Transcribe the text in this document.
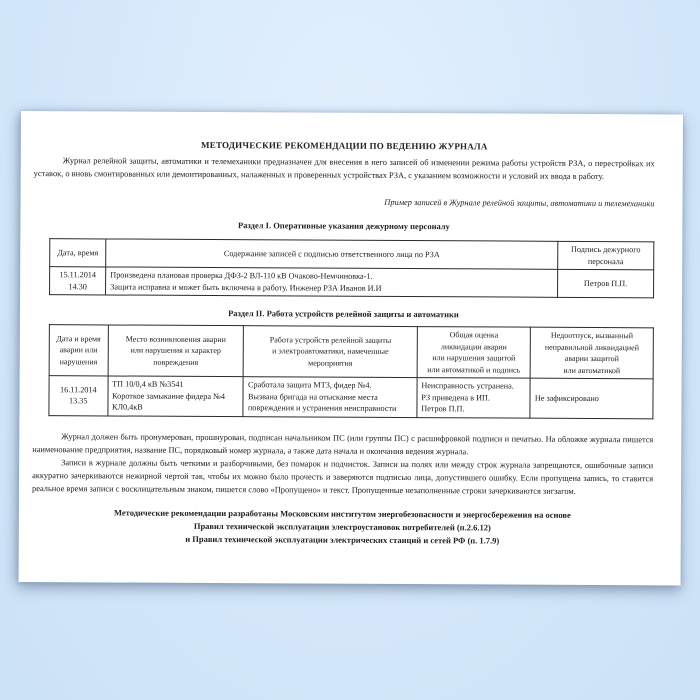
МЕТОДИЧЕСКИЕ РЕКОМЕНДАЦИИ ПО ВЕДЕНИЮ ЖУРНАЛА

Журнал релейной защиты, автоматики и телемеханики предназначен для внесения в него записей об изменении режима работы устройств РЗА, о перестройках их уставок, о вновь смонтированных или демонтированных, налаженных и проверенных устройствах РЗА, с указанием возможности и условий их ввода в работу.

Пример записей в Журнале релейной защиты, автоматики и телемеханики

Раздел I. Оперативные указания дежурному персоналу
Дата, время	Содержание записей с подписью ответственного лица по РЗА	Подпись дежурного
персонала
15.11.2014
14.30	Произведена плановая проверка ДФЗ-2 ВЛ-110 кВ Очаково-Немчиновка-1.
Защита исправна и может быть включена в работу. Инженер РЗА Иванов И.И	Петров П.П.
Раздел II. Работа устройств релейной защиты и автоматики
Дата и время
аварии или
нарушения	Место возникновения аварии
или нарушения и характер
повреждения	Работа устройств релейной защиты
и электроавтоматики, намеченные
мероприятия	Общая оценка
ликвидации аварии
или нарушения защитой
или автоматикой и подпись	Недоотпуск, вызванный
неправильной ликвидацией
аварии защитой
или автоматикой
16.11.2014
13.35	ТП 10/0,4 кВ №3541
Короткое замыкание фидера №4
КЛ0,4кВ	Сработала защита МТЗ, фидер №4.
Вызвана бригада на отыскание места
повреждения и устранения неисправности	Неисправность устранена.
РЗ приведена в ИП.
Петров П.П.	Не зафиксировано

Журнал должен быть пронумерован, прошнурован, подписан начальником ПС (или группы ПС) с расшифровкой подписи и печатью. На обложке журнала пишется наименование предприятия, название ПС, порядковый номер журнала, а также дата начала и окончания ведения журнала.

Записи в журнале должны быть четкими и разборчивыми, без помарок и подчисток. Записи на полях или между строк журнала запрещаются, ошибочные записи аккуратно зачеркиваются нежирной чертой так, чтобы их можно было прочесть и заверяются подписью лица, допустившего ошибку. Если пропущена запись, то ставится реальное время записи с восклицательным знаком, пишется слово «Пропущено» и текст. Пропущенные незаполненные строки зачеркиваются зигзагом.

Методические рекомендации разработаны Московским институтом энергобезопасности и энергосбережения на основе
Правил технической эксплуатации электроустановок потребителей (п.2.6.12)
и Правил технической эксплуатации электрических станций и сетей РФ (п. 1.7.9)
